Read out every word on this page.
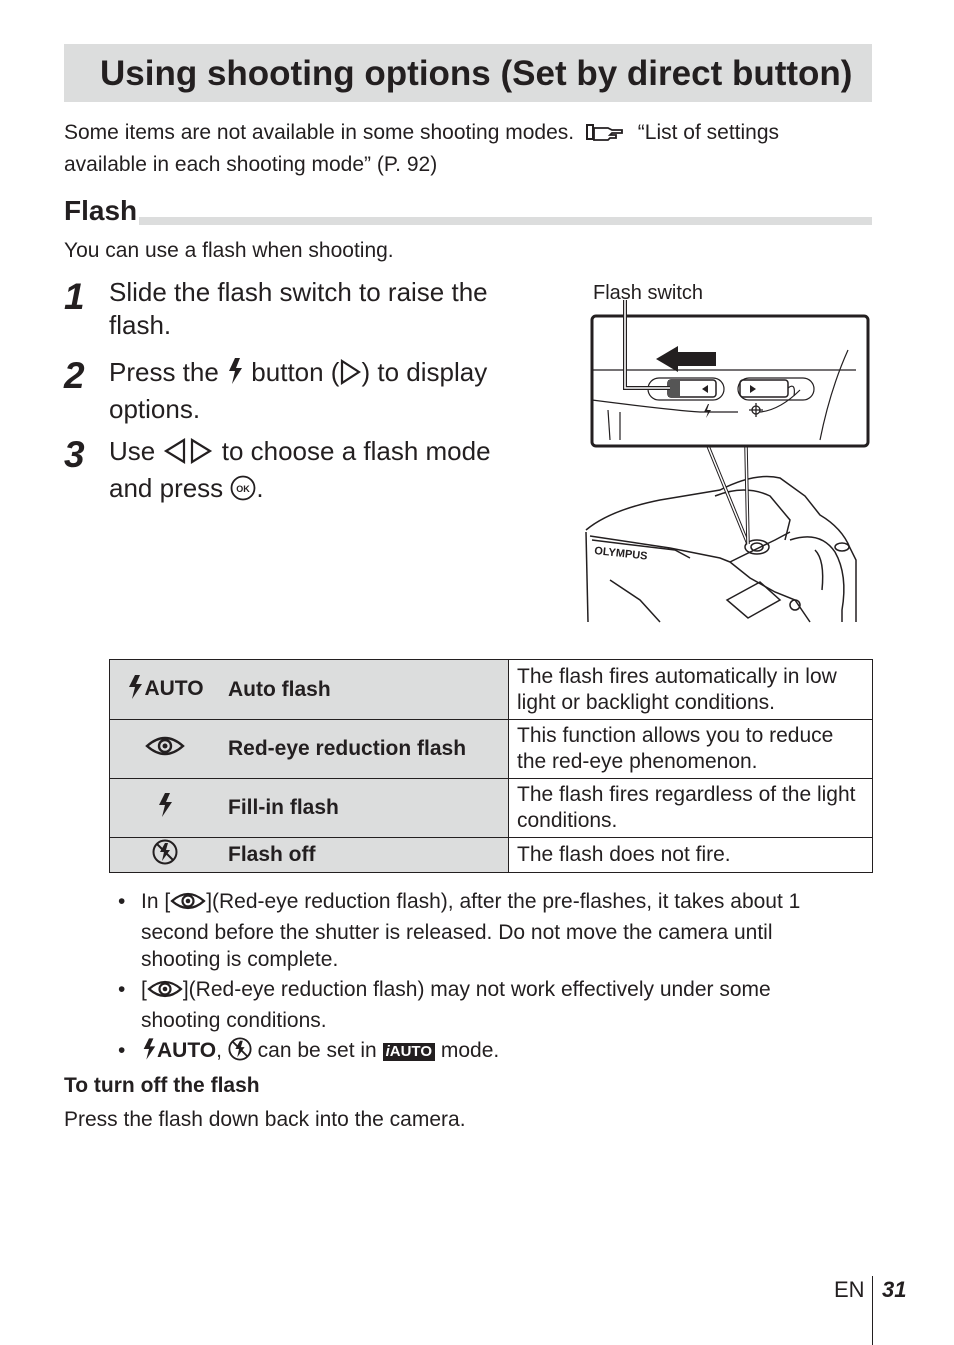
Using shooting options (Set by direct button)
Some items are not available in some shooting modes.	“List of settings
available in each shooting mode” (P. 92)
Flash
You can use a flash when shooting.
1 Slide the flash switch to raise the flash.
2 Press the button ( ) to display options.
3 Use	to choose a flash mode and press OK .
Flash switch
OLYMPUS
AUTO	Auto flash	The flash fires automatically in low light or backlight conditions.
	Red-eye reduction flash	This function allows you to reduce the red-eye phenomenon.
	Fill-in flash	The flash fires regardless of the light conditions.
	Flash off	The flash does not fire.
• In [ ](Red-eye reduction flash), after the pre-flashes, it takes about 1 second before the shutter is released. Do not move the camera until shooting is complete.
• [ ](Red-eye reduction flash) may not work effectively under some shooting conditions.
• AUTO, can be set in iAUTO mode.
To turn off the flash
Press the flash down back into the camera.
EN 31
